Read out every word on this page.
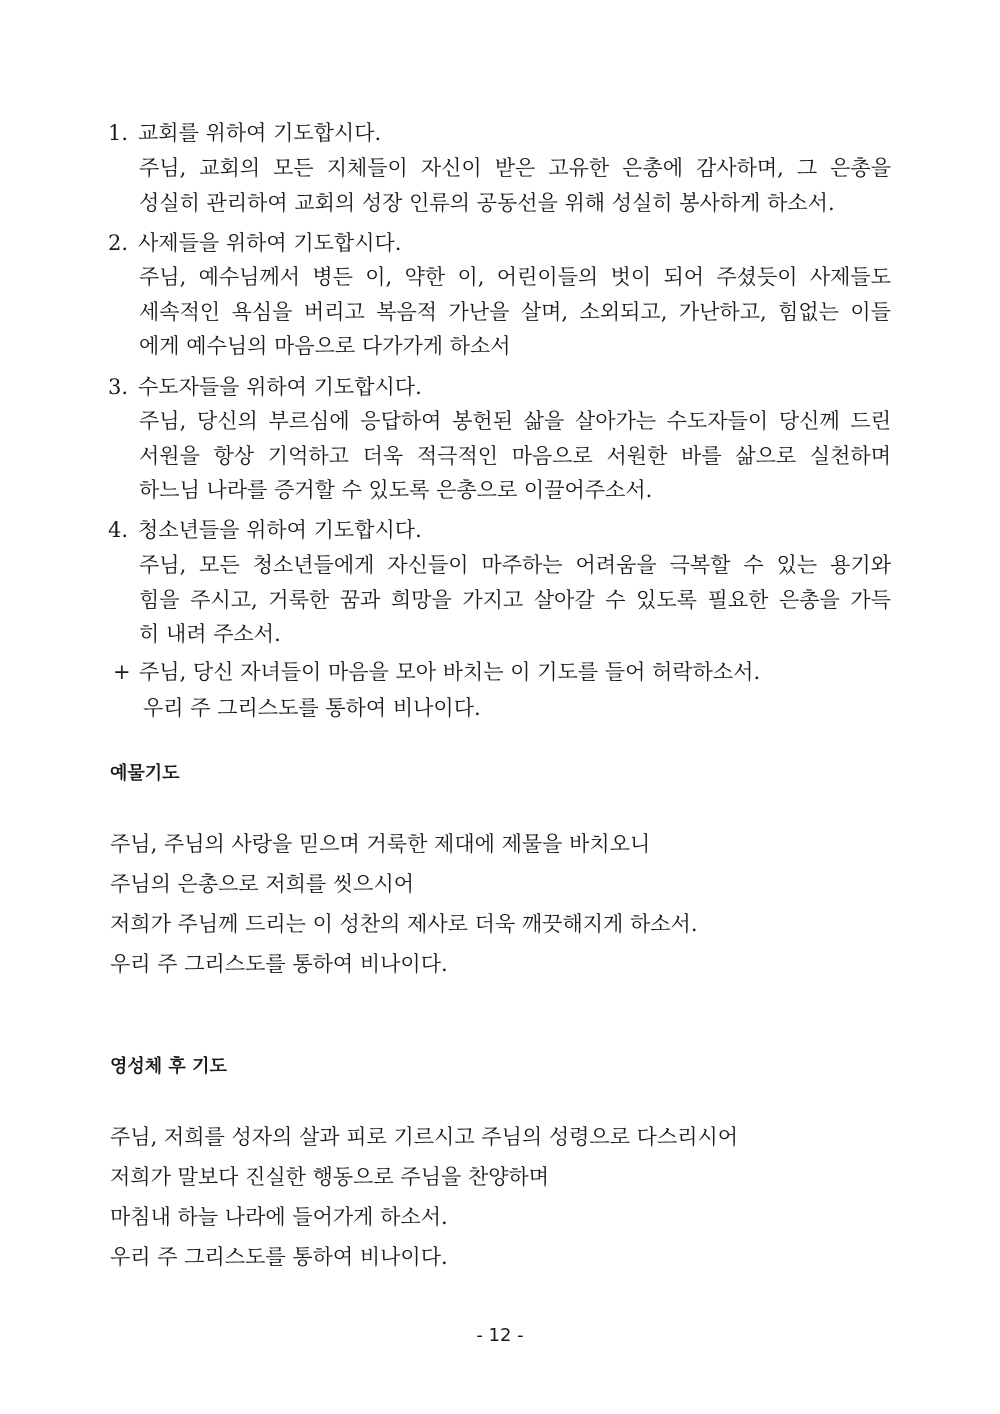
1. 교회를 위하여 기도합시다.
주님, 교회의 모든 지체들이 자신이 받은 고유한 은총에 감사하며, 그 은총을
성실히 관리하여 교회의 성장 인류의 공동선을 위해 성실히 봉사하게 하소서.
2. 사제들을 위하여 기도합시다.
주님, 예수님께서 병든 이, 약한 이, 어린이들의 벗이 되어 주셨듯이 사제들도
세속적인 욕심을 버리고 복음적 가난을 살며, 소외되고, 가난하고, 힘없는 이들
에게 예수님의 마음으로 다가가게 하소서
3. 수도자들을 위하여 기도합시다.
주님, 당신의 부르심에 응답하여 봉헌된 삶을 살아가는 수도자들이 당신께 드린
서원을 항상 기억하고 더욱 적극적인 마음으로 서원한 바를 삶으로 실천하며
하느님 나라를 증거할 수 있도록 은총으로 이끌어주소서.
4. 청소년들을 위하여 기도합시다.
주님, 모든 청소년들에게 자신들이 마주하는 어려움을 극복할 수 있는 용기와
힘을 주시고, 거룩한 꿈과 희망을 가지고 살아갈 수 있도록 필요한 은총을 가득
히 내려 주소서.
+ 주님, 당신 자녀들이 마음을 모아 바치는 이 기도를 들어 허락하소서.
우리 주 그리스도를 통하여 비나이다.
예물기도
주님, 주님의 사랑을 믿으며 거룩한 제대에 제물을 바치오니
주님의 은총으로 저희를 씻으시어
저희가 주님께 드리는 이 성찬의 제사로 더욱 깨끗해지게 하소서.
우리 주 그리스도를 통하여 비나이다.
영성체 후 기도
주님, 저희를 성자의 살과 피로 기르시고 주님의 성령으로 다스리시어
저희가 말보다 진실한 행동으로 주님을 찬양하며
마침내 하늘 나라에 들어가게 하소서.
우리 주 그리스도를 통하여 비나이다.
- 12 -
